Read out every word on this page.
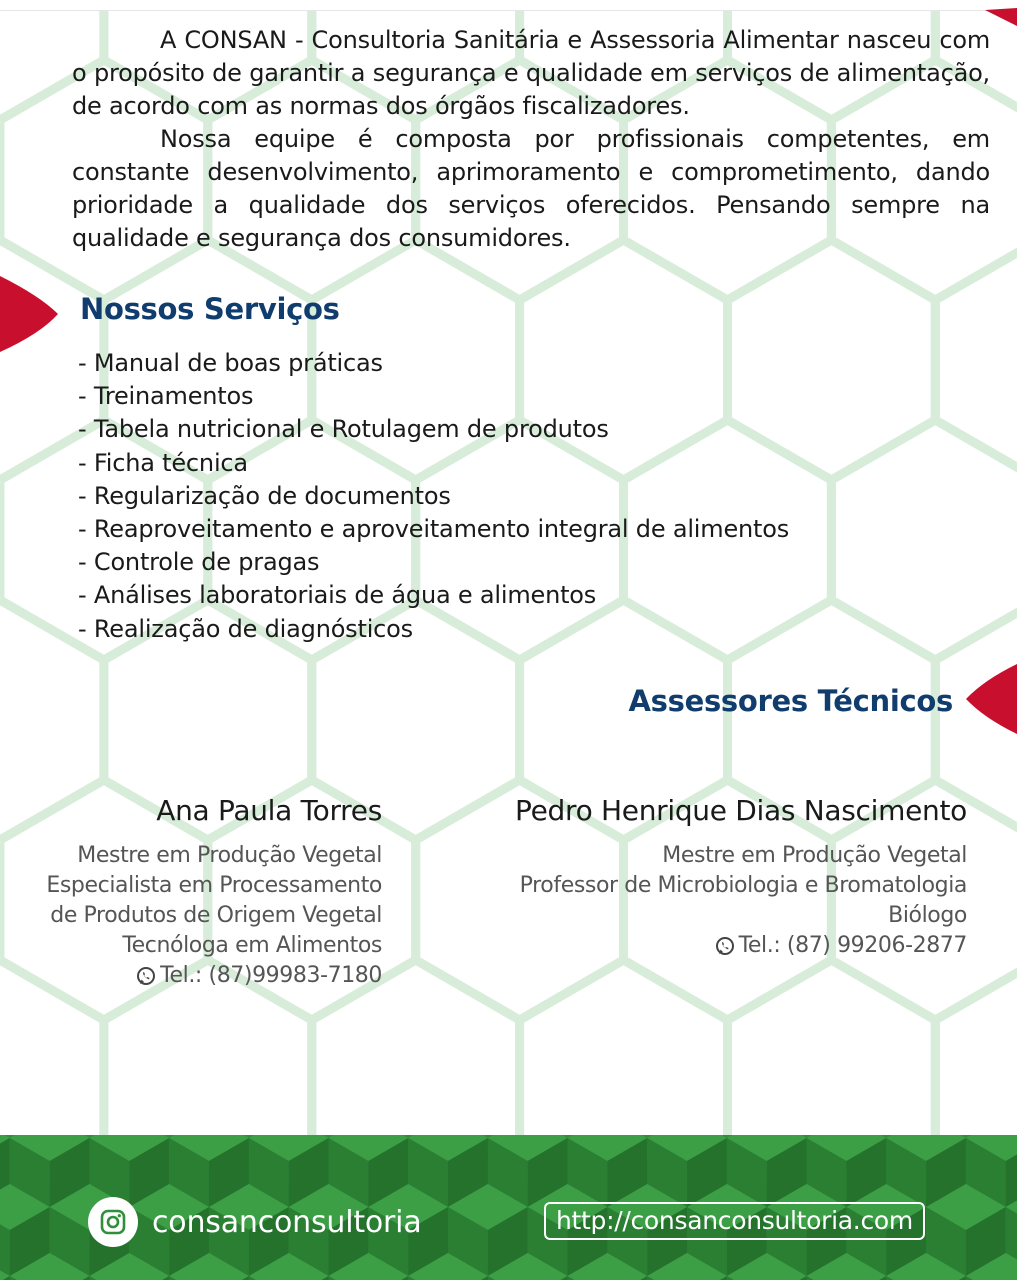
A CONSAN - Consultoria Sanitária e Assessoria Alimentar nasceu com o propósito de garantir a segurança e qualidade em serviços de alimentação, de acordo com as normas dos órgãos fiscalizadores.

Nossa equipe é composta por profissionais competentes, em constante desenvolvimento, aprimoramento e comprometimento, dando prioridade a qualidade dos serviços oferecidos. Pensando sempre na qualidade e segurança dos consumidores.

Nossos Serviços
- Manual de boas práticas
- Treinamentos
- Tabela nutricional e Rotulagem de produtos
- Ficha técnica
- Regularização de documentos
- Reaproveitamento e aproveitamento integral de alimentos
- Controle de pragas
- Análises laboratoriais de água e alimentos
- Realização de diagnósticos
Assessores Técnicos
Ana Paula Torres
Mestre em Produção Vegetal
Especialista em Processamento
de Produtos de Origem Vegetal
Tecnóloga em Alimentos
Tel.: (87)99983-7180
Pedro Henrique Dias Nascimento
Mestre em Produção Vegetal
Professor de Microbiologia e Bromatologia
Biólogo
Tel.: (87) 99206-2877
consanconsultoria	http://consanconsultoria.com
